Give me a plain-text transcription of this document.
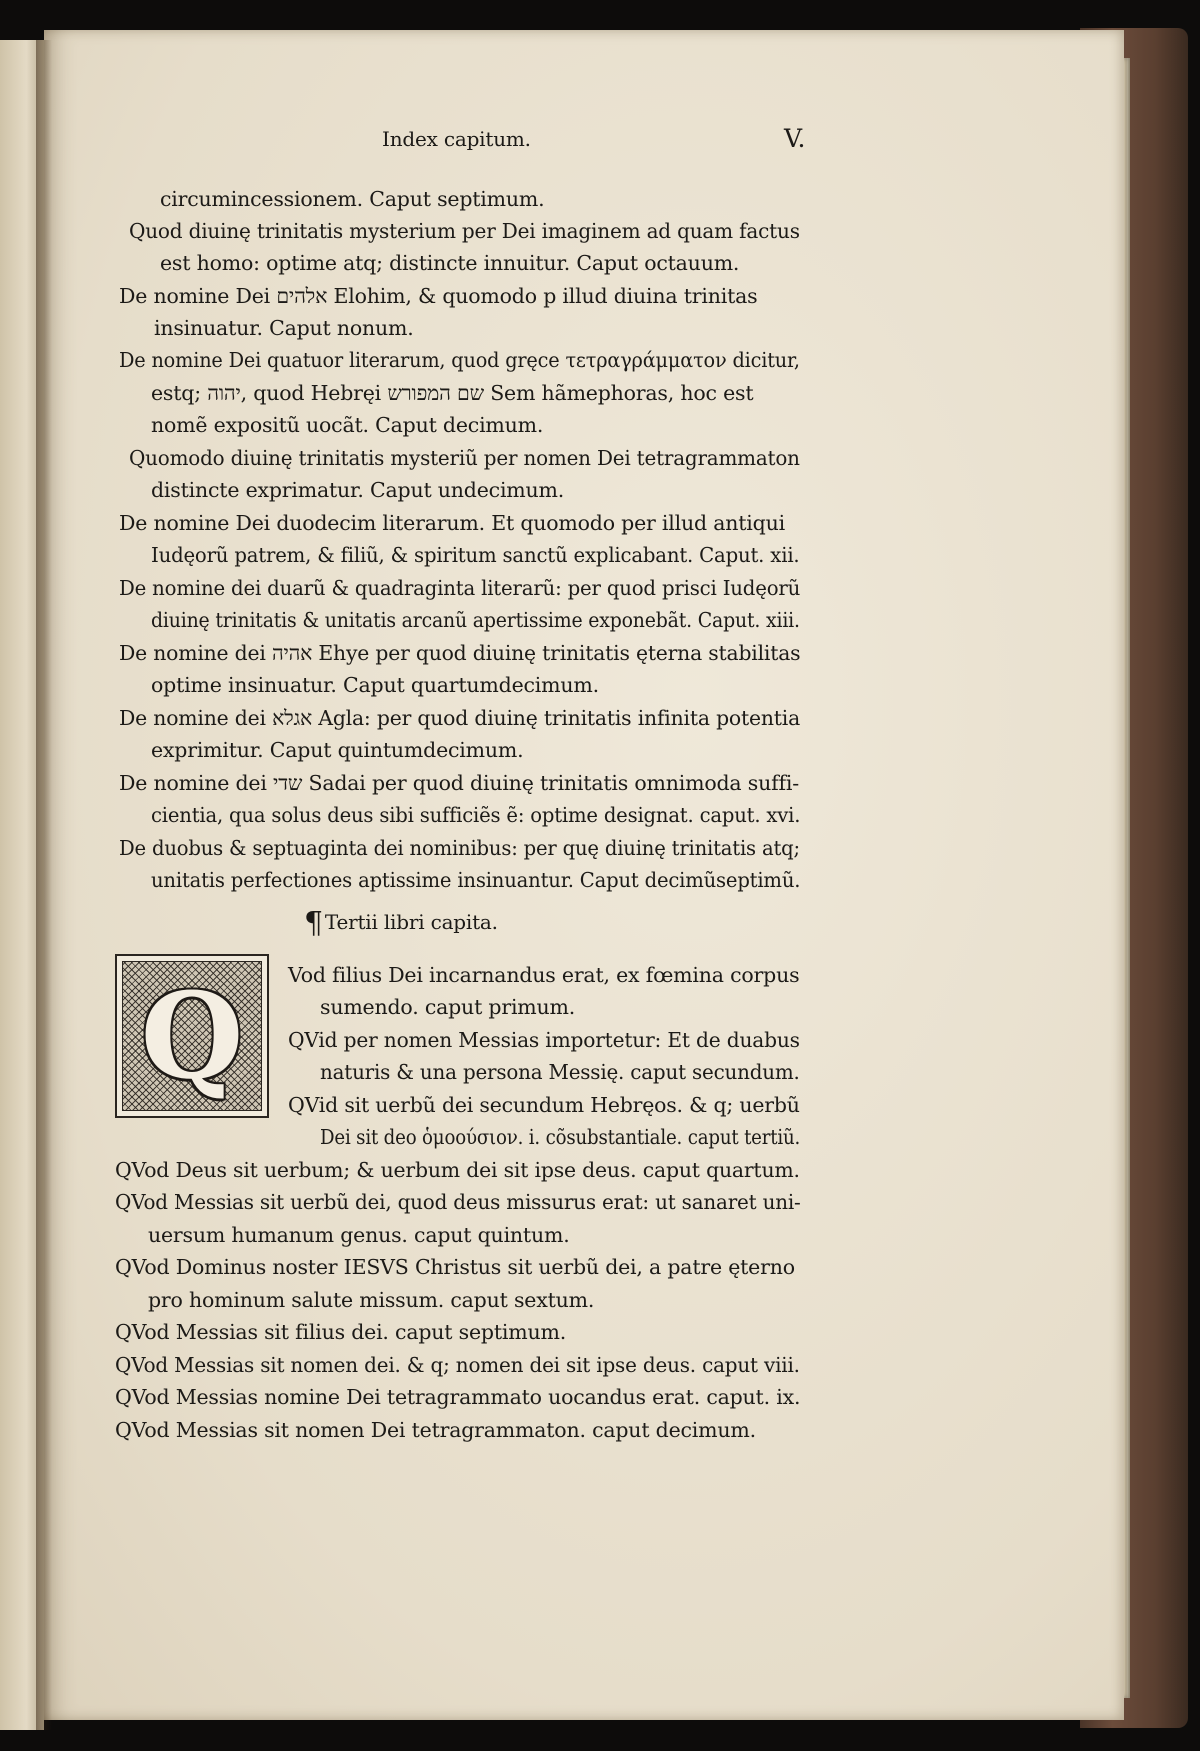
Index capitum.	V.
circumincessionem. Caput septimum.
Quod diuinę trinitatis mysterium per Dei imaginem ad quam factus
est homo: optime atq; distincte innuitur. Caput octauum.
De nomine Dei אלהים Elohim, & quomodo p illud diuina trinitas
insinuatur. Caput nonum.
De nomine Dei quatuor literarum, quod gręce τετραγράμματον dicitur,
estq; יהוה, quod Hebręi שם המפורש Sem hãmephoras, hoc est
nomẽ expositũ uocãt. Caput decimum.
Quomodo diuinę trinitatis mysteriũ per nomen Dei tetragrammaton
distincte exprimatur. Caput undecimum.
De nomine Dei duodecim literarum. Et quomodo per illud antiqui
Iudęorũ patrem, & filiũ, & spiritum sanctũ explicabant. Caput. xii.
De nomine dei duarũ & quadraginta literarũ: per quod prisci Iudęorũ
diuinę trinitatis & unitatis arcanũ apertissime exponebãt. Caput. xiii.
De nomine dei אהיה Ehye per quod diuinę trinitatis ęterna stabilitas
optime insinuatur. Caput quartumdecimum.
De nomine dei אגלא Agla: per quod diuinę trinitatis infinita potentia
exprimitur. Caput quintumdecimum.
De nomine dei שדי Sadai per quod diuinę trinitatis omnimoda suffi-
cientia, qua solus deus sibi sufficiẽs ẽ: optime designat. caput. xvi.
De duobus & septuaginta dei nominibus: per quę diuinę trinitatis atq;
unitatis perfectiones aptissime insinuantur. Caput decimũseptimũ.
¶ Tertii libri capita.
Q Vod filius Dei incarnandus erat, ex fœmina corpus
sumendo. caput primum.
QVid per nomen Messias importetur: Et de duabus
naturis & una persona Messię. caput secundum.
QVid sit uerbũ dei secundum Hebręos. & q; uerbũ
Dei sit deo ὁμοούσιον. i. cõsubstantiale. caput tertiũ.
QVod Deus sit uerbum; & uerbum dei sit ipse deus. caput quartum.
QVod Messias sit uerbũ dei, quod deus missurus erat: ut sanaret uni-
uersum humanum genus. caput quintum.
QVod Dominus noster IESVS Christus sit uerbũ dei, a patre ęterno
pro hominum salute missum. caput sextum.
QVod Messias sit filius dei. caput septimum.
QVod Messias sit nomen dei. & q; nomen dei sit ipse deus. caput viii.
QVod Messias nomine Dei tetragrammato uocandus erat. caput. ix.
QVod Messias sit nomen Dei tetragrammaton. caput decimum.
